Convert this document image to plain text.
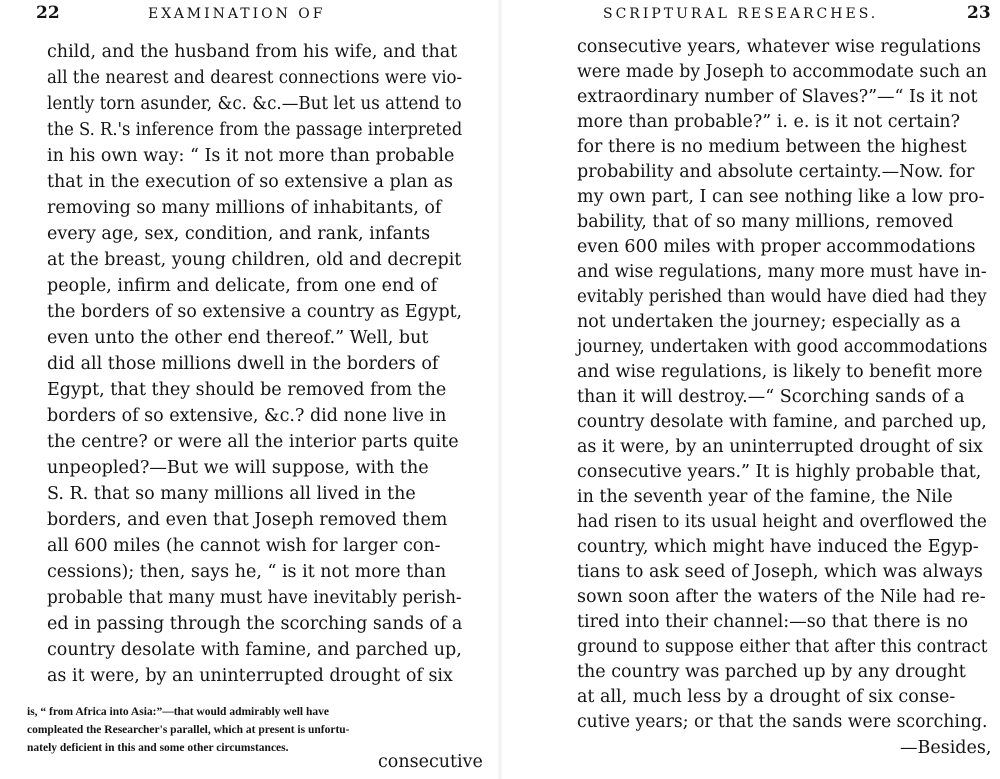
22	EXAMINATION OF
child, and the husband from his wife, and that
all the nearest and dearest connections were vio-
lently torn asunder, &c. &c.—But let us attend to
the S. R.'s inference from the passage interpreted
in his own way: “ Is it not more than probable
that in the execution of so extensive a plan as
removing so many millions of inhabitants, of
every age, sex, condition, and rank, infants
at the breast, young children, old and decrepit
people, infirm and delicate, from one end of
the borders of so extensive a country as Egypt,
even unto the other end thereof.” Well, but
did all those millions dwell in the borders of
Egypt, that they should be removed from the
borders of so extensive, &c.? did none live in
the centre? or were all the interior parts quite
unpeopled?—But we will suppose, with the
S. R. that so many millions all lived in the
borders, and even that Joseph removed them
all 600 miles (he cannot wish for larger con-
cessions); then, says he, “ is it not more than
probable that many must have inevitably perish-
ed in passing through the scorching sands of a
country desolate with famine, and parched up,
as it were, by an uninterrupted drought of six
is, “ from Africa into Asia:”—that would admirably well have
compleated the Researcher's parallel, which at present is unfortu-
nately deficient in this and some other circumstances.
consecutive
SCRIPTURAL RESEARCHES.	23
consecutive years, whatever wise regulations
were made by Joseph to accommodate such an
extraordinary number of Slaves?”—“ Is it not
more than probable?” i. e. is it not certain?
for there is no medium between the highest
probability and absolute certainty.—Now. for
my own part, I can see nothing like a low pro-
bability, that of so many millions, removed
even 600 miles with proper accommodations
and wise regulations, many more must have in-
evitably perished than would have died had they
not undertaken the journey; especially as a
journey, undertaken with good accommodations
and wise regulations, is likely to benefit more
than it will destroy.—“ Scorching sands of a
country desolate with famine, and parched up,
as it were, by an uninterrupted drought of six
consecutive years.” It is highly probable that,
in the seventh year of the famine, the Nile
had risen to its usual height and overflowed the
country, which might have induced the Egyp-
tians to ask seed of Joseph, which was always
sown soon after the waters of the Nile had re-
tired into their channel:—so that there is no
ground to suppose either that after this contract
the country was parched up by any drought
at all, much less by a drought of six conse-
cutive years; or that the sands were scorching.
—Besides,
